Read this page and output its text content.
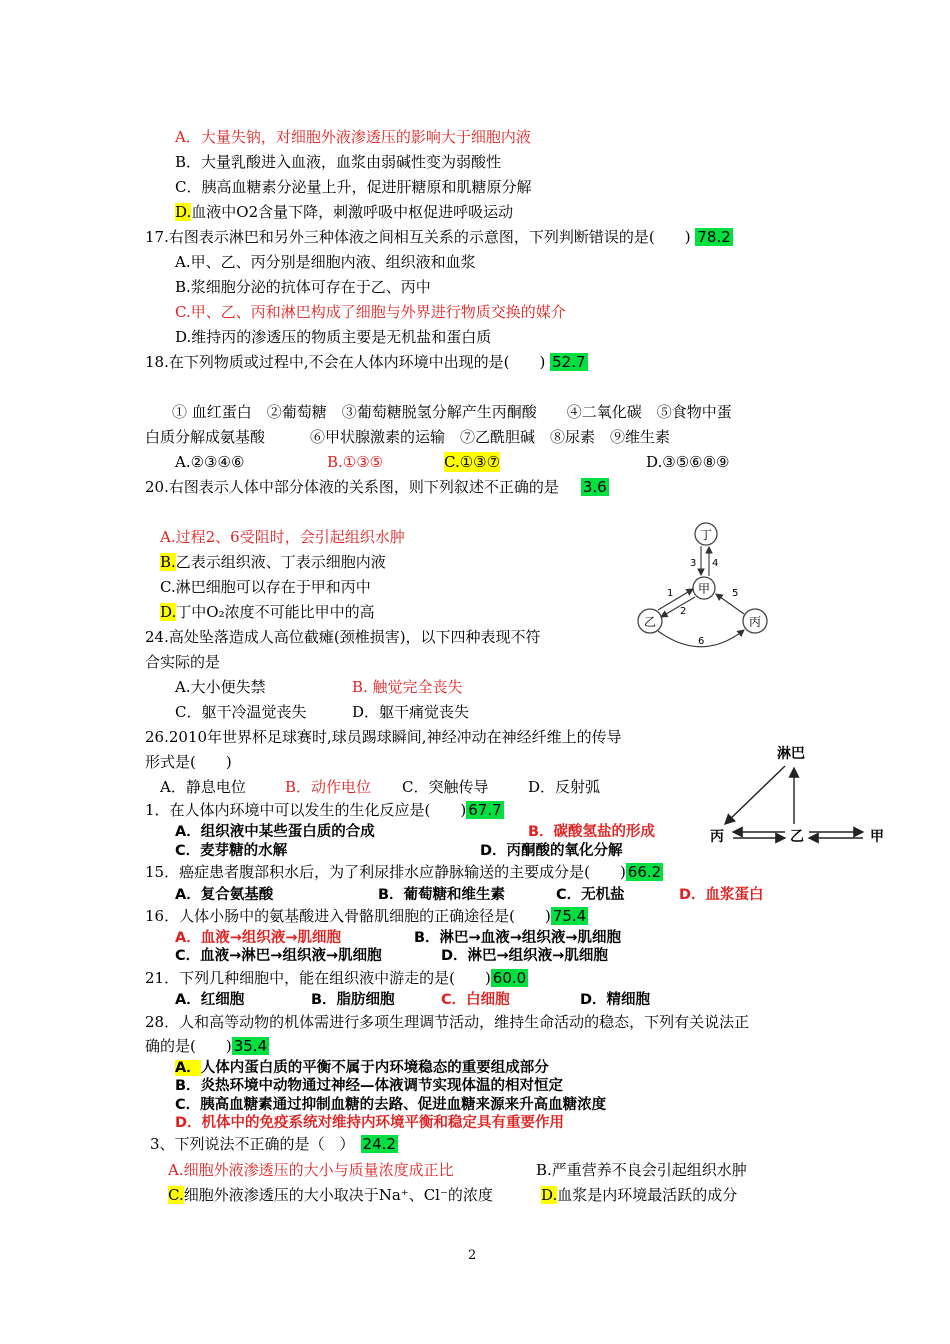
A．大量失钠，对细胞外液渗透压的影响大于细胞内液
B．大量乳酸进入血液，血浆由弱碱性变为弱酸性
C．胰高血糖素分泌量上升，促进肝糖原和肌糖原分解
D.血液中O2含量下降，刺激呼吸中枢促进呼吸运动
17.右图表示淋巴和另外三种体液之间相互关系的示意图，下列判断错误的是(　　) 78.2
A.甲、乙、丙分别是细胞内液、组织液和血浆
B.浆细胞分泌的抗体可存在于乙、丙中
C.甲、乙、丙和淋巴构成了细胞与外界进行物质交换的媒介
D.维持丙的渗透压的物质主要是无机盐和蛋白质
18.在下列物质或过程中,不会在人体内环境中出现的是(　　) 52.7
① 血红蛋白　②葡萄糖　③葡萄糖脱氢分解产生丙酮酸　　④二氧化碳　⑤食物中蛋
白质分解成氨基酸　　　⑥甲状腺激素的运输　⑦乙酰胆碱　⑧尿素　⑨维生素
A.②③④⑥	B.①③⑤	C.①③⑦	D.③⑤⑥⑧⑨
20.右图表示人体中部分体液的关系图，则下列叙述不正确的是 3.6
A.过程2、6受阻时，会引起组织水肿
B.乙表示组织液、丁表示细胞内液
C.淋巴细胞可以存在于甲和丙中
D.丁中O₂浓度不可能比甲中的高
丁
甲
乙	丙
3 4
1
2
5
6
24.高处坠落造成人高位截瘫(颈椎损害)，以下四种表现不符
合实际的是
A.大小便失禁	B. 触觉完全丧失
C．躯干冷温觉丧失	D．躯干痛觉丧失
26.2010年世界杯足球赛时,球员踢球瞬间,神经冲动在神经纤维上的传导
形式是(　　)
A．静息电位	B．动作电位 C．突触传导	D．反射弧
淋巴
丙	乙	甲
1．在人体内环境中可以发生的生化反应是(　　) 67.7
A．组织液中某些蛋白质的合成	B．碳酸氢盐的形成
C．麦芽糖的水解	D．丙酮酸的氧化分解
15．癌症患者腹部积水后，为了利尿排水应静脉输送的主要成分是(　　) 66.2
A．复合氨基酸	B．葡萄糖和维生素	C．无机盐	D．血浆蛋白
16．人体小肠中的氨基酸进入骨骼肌细胞的正确途径是(　　) 75.4
A．血液→组织液→肌细胞	B．淋巴→血液→组织液→肌细胞
C．血液→淋巴→组织液→肌细胞	D．淋巴→组织液→肌细胞
21．下列几种细胞中，能在组织液中游走的是(　　) 60.0
A．红细胞	B．脂肪细胞	C．白细胞	D．精细胞
28．人和高等动物的机体需进行多项生理调节活动，维持生命活动的稳态，下列有关说法正
确的是(　　) 35.4
A．人体内蛋白质的平衡不属于内环境稳态的重要组成部分
B．炎热环境中动物通过神经—体液调节实现体温的相对恒定
C．胰高血糖素通过抑制血糖的去路、促进血糖来源来升高血糖浓度
D．机体中的免疫系统对维持内环境平衡和稳定具有重要作用
3、下列说法不正确的是（　） 24.2
A.细胞外液渗透压的大小与质量浓度成正比	B.严重营养不良会引起组织水肿
C.细胞外液渗透压的大小取决于Na⁺、Cl⁻的浓度	D.血浆是内环境最活跃的成分
2
